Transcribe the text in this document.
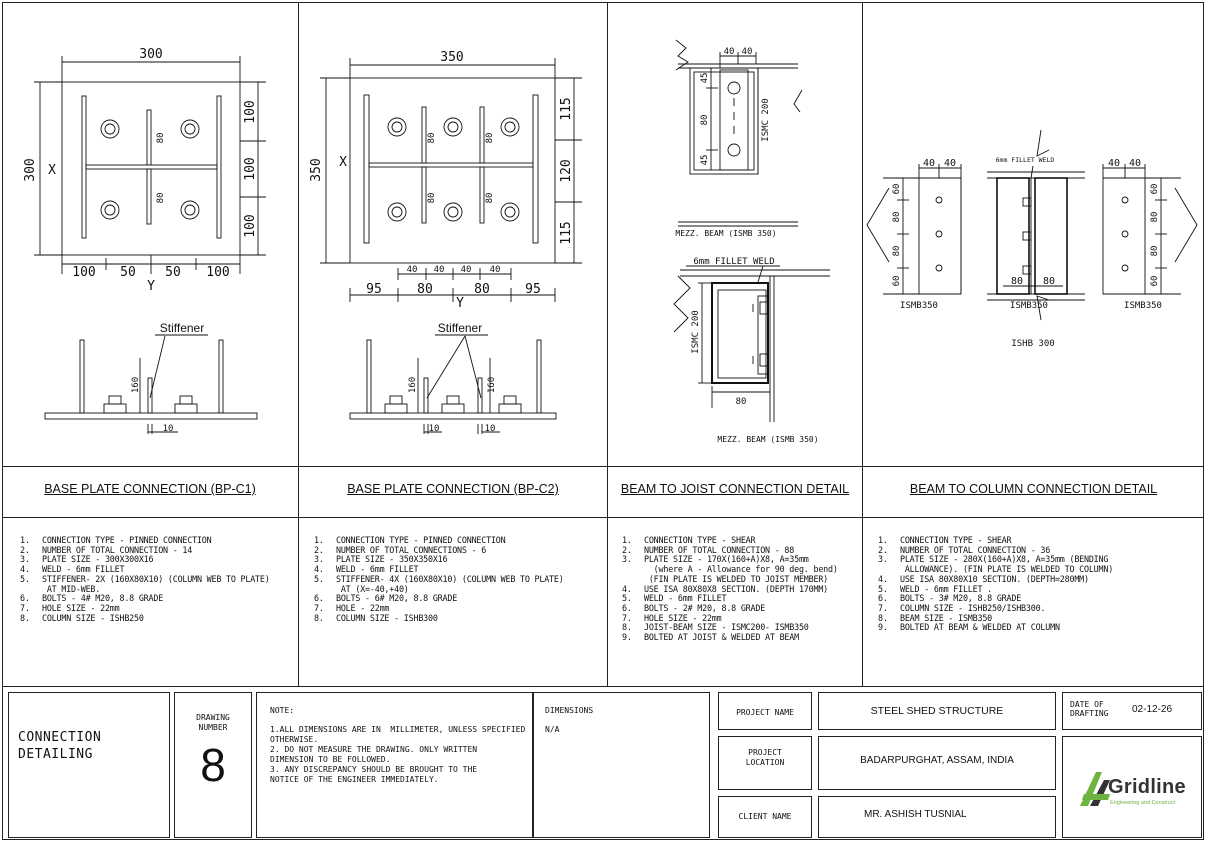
300
300 X
Y
100
100
100
100 50 50 100
80
80
160
10
Stiffener
350
350 X
Y
115
120
115
95	80	80	95
40 40 40 40
80
80
80
80
160	160
10	10
Stiffener
40 40
45
80
45
ISMC 200
MEZZ. BEAM (ISMB 350)
6mm FILLET WELD
ISMC 200
80
MEZZ. BEAM (ISMB 350)
40 40	40 40
80 80
60
80
80
60
60
80
80
60
ISMB350	ISMB350	ISMB350
ISHB 300
6mm FILLET WELD
BASE PLATE CONNECTION (BP-C1)	BASE PLATE CONNECTION (BP-C2)	BEAM TO JOIST CONNECTION DETAIL	BEAM TO COLUMN CONNECTION DETAIL
1.	CONNECTION TYPE - PINNED CONNECTION
2.	NUMBER OF TOTAL CONNECTION - 14
3.	PLATE SIZE - 300X300X16
4.	WELD - 6mm FILLET
5.	STIFFENER- 2X (160X80X10) (COLUMN WEB TO PLATE)
AT MID-WEB.
6.	BOLTS - 4# M20, 8.8 GRADE
7.	HOLE SIZE - 22mm
8.	COLUMN SIZE - ISHB250
1.	CONNECTION TYPE - PINNED CONNECTION
2.	NUMBER OF TOTAL CONNECTIONS - 6
3.	PLATE SIZE - 350X350X16
4.	WELD - 6mm FILLET
5.	STIFFENER- 4X (160X80X10) (COLUMN WEB TO PLATE)
AT (X=-40,+40)
6.	BOLTS - 6# M20, 8.8 GRADE
7.	HOLE - 22mm
8.	COLUMN SIZE - ISHB300
1.	CONNECTION TYPE - SHEAR
2.	NUMBER OF TOTAL CONNECTION - 88
3.	PLATE SIZE - 170X(160+A)X8, A=35mm
(where A - Allowance for 90 deg. bend)
(FIN PLATE IS WELDED TO JOIST MEMBER)
4.	USE ISA 80X80X8 SECTION. (DEPTH 170MM)
5.	WELD - 6mm FILLET
6.	BOLTS - 2# M20, 8.8 GRADE
7.	HOLE SIZE - 22mm
8.	JOIST-BEAM SIZE - ISMC200- ISMB350
9.	BOLTED AT JOIST & WELDED AT BEAM
1.	CONNECTION TYPE - SHEAR
2.	NUMBER OF TOTAL CONNECTION - 36
3.	PLATE SIZE - 280X(160+A)X8, A=35mm (BENDING
ALLOWANCE). (FIN PLATE IS WELDED TO COLUMN)
4.	USE ISA 80X80X10 SECTION. (DEPTH=280MM)
5.	WELD - 6mm FILLET .
6.	BOLTS - 3# M20, 8.8 GRADE
7.	COLUMN SIZE - ISHB250/ISHB300.
8.	BEAM SIZE - ISMB350
9.	BOLTED AT BEAM & WELDED AT COLUMN
CONNECTION
DETAILING
DRAWING
NUMBER
8
NOTE:
1.ALL DIMENSIONS ARE IN  MILLIMETER, UNLESS SPECIFIED
OTHERWISE.
2. DO NOT MEASURE THE DRAWING. ONLY WRITTEN
DIMENSION TO BE FOLLOWED.
3. ANY DISCREPANCY SHOULD BE BROUGHT TO THE
NOTICE OF THE ENGINEER IMMEDIATELY.
DIMENSIONS
N/A
PROJECT NAME	STEEL SHED STRUCTURE
PROJECT
LOCATION	BADARPURGHAT, ASSAM, INDIA
CLIENT NAME	MR. ASHISH TUSNIAL
DATE OF
DRAFTING 02-12-26
Gridline
Engineering and Construct
